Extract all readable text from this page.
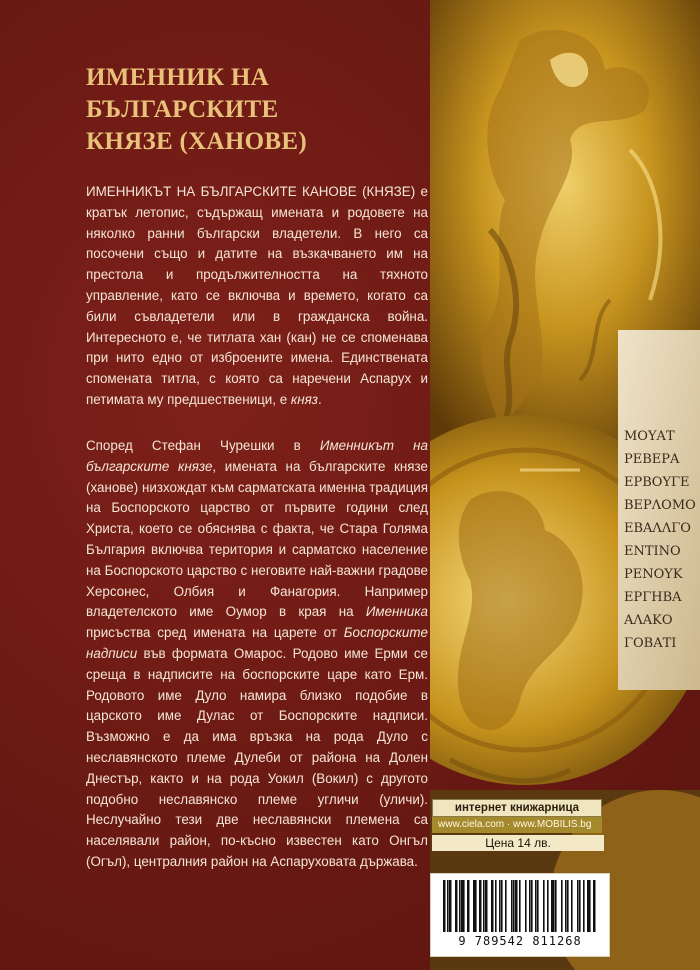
ΜΟΥΑΤ
ΡΕΒΕΡΑ
ΕΡΒΟΥΓΕ
ΒΕΡΛΟΜΟ
ΕΒΑΛΛΓΟ
ΕΝΤΙΝΟ
ΡΕΝΟΥΚ
ΕΡΓΗΒΑ
ΑΛΑΚΟ
ΓΟΒΑΤΙ
ИМЕННИК НА БЪЛГАРСКИТЕ
КНЯЗЕ (ХАНОВЕ)
ИМЕННИКЪТ НА БЪЛГАРСКИТЕ КАНОВЕ (КНЯЗЕ) е кратък летопис, съдържащ имената и родовете на няколко ранни български владетели. В него са посочени също и датите на възкачването им на престола и продължителността на тяхното управление, като се включва и времето, когато са били съвладетели или в гражданска война. Интересното е, че титлата хан (кан) не се споменава при нито едно от изброените имена. Единствената спомената титла, с която са наречени Аспарух и петимата му предшественици, е княз.
Според Стефан Чурешки в Именникът на българските князе, имената на българските князе (ханове) низхождат към сарматската именна традиция на Боспорското царство от първите години след Христа, което се обяснява с факта, че Стара Голяма България включва територия и сарматско население на Боспорското царство с неговите най-важни градове Херсонес, Олбия и Фанагория. Например владетелското име Оумор в края на Именника присъства сред имената на царете от Боспорските надписи във формата Омарос. Родово име Ерми се среща в надписите на боспорските царе като Ерм. Родовото име Дуло намира близко подобие в царското име Дулас от Боспорските надписи. Възможно е да има връзка на рода Дуло с неславянското племе Дулеби от района на Долен Днестър, както и на рода Уокил (Вокил) с другото подобно неславянско племе угличи (уличи). Неслучайно тези две неславянски племена са населявали район, по-късно известен като Онгъл (Огъл), централния район на Аспаруховата държава.
интернет книжарница
www.ciela.com · www.MOBILIS.bg
Цена 14 лв.
9 789542 811268
